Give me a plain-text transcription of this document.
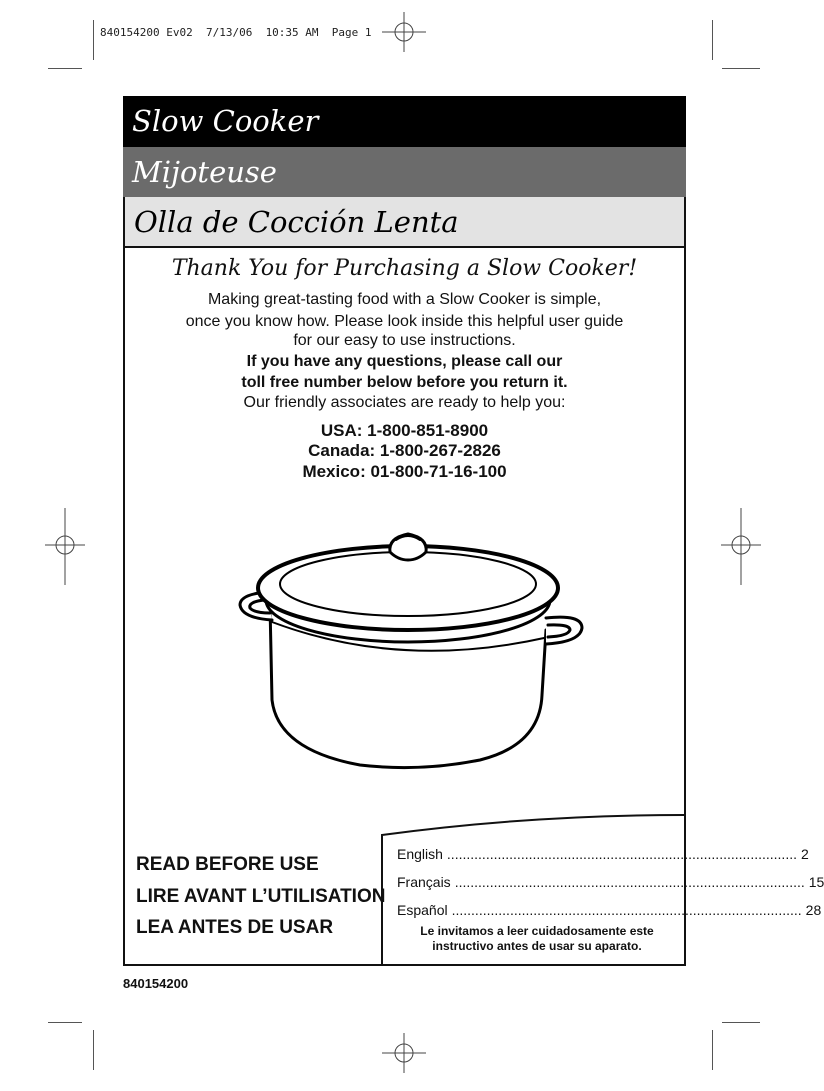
840154200 Ev02  7/13/06  10:35 AM  Page 1
Slow Cooker
Mijoteuse
Olla de Cocción Lenta
Thank You for Purchasing a Slow Cooker!
Making great-tasting food with a Slow Cooker is simple,
once you know how. Please look inside this helpful user guide
for our easy to use instructions.
If you have any questions, please call our
toll free number below before you return it.
Our friendly associates are ready to help you:
USA: 1-800-851-8900
Canada: 1-800-267-2826
Mexico: 01-800-71-16-100
READ BEFORE USE
LIRE AVANT L’UTILISATION
LEA ANTES DE USAR
English .......................................................................................... 2
Français .......................................................................................... 15
Español .......................................................................................... 28
Le invitamos a leer cuidadosamente este
instructivo antes de usar su aparato.
840154200
